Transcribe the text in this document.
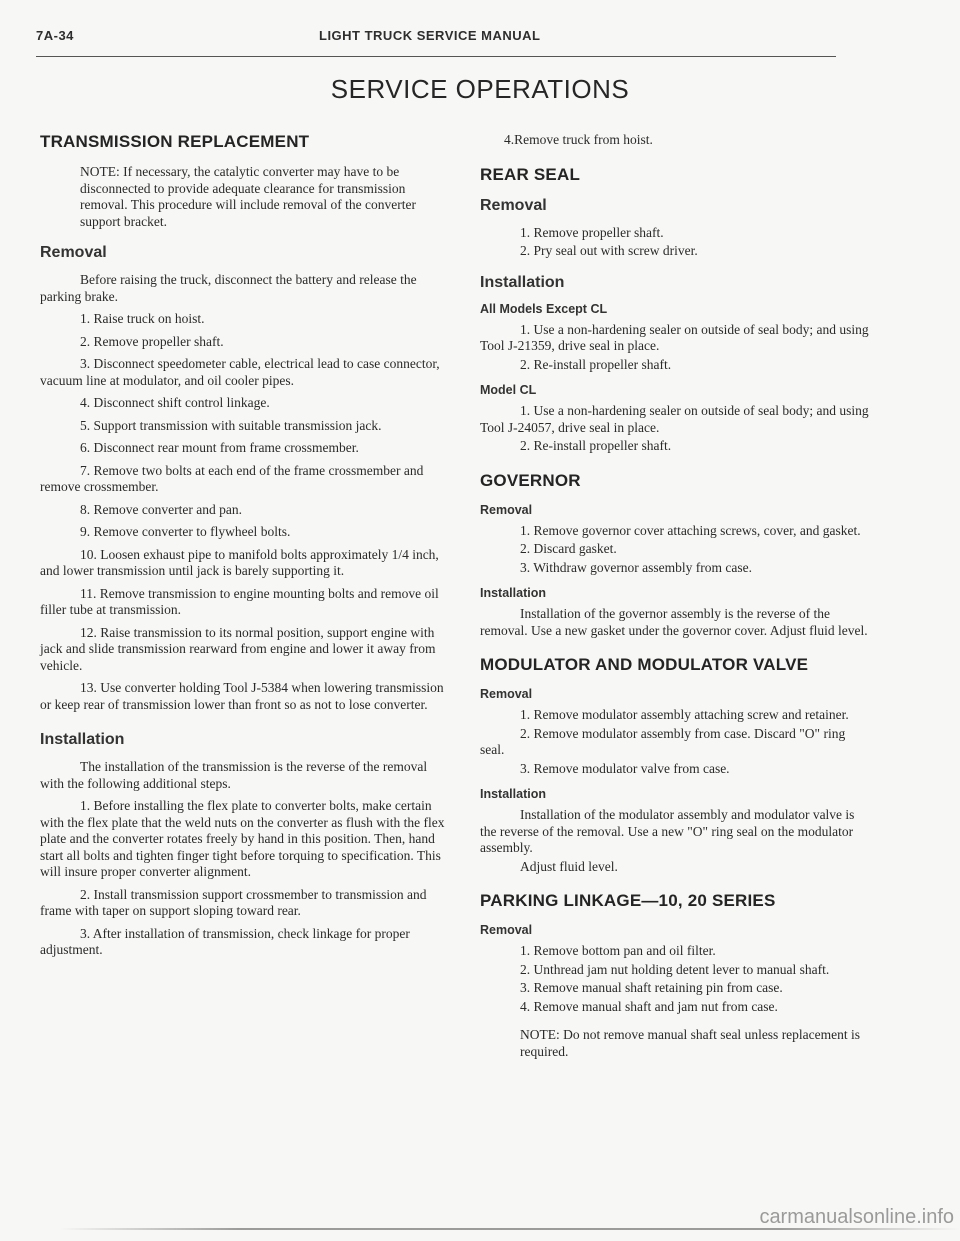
7A-34	LIGHT TRUCK SERVICE MANUAL
SERVICE OPERATIONS
TRANSMISSION REPLACEMENT

NOTE: If necessary, the catalytic converter may have to be disconnected to provide adequate clearance for transmission removal. This procedure will include removal of the converter support bracket.

Removal

Before raising the truck, disconnect the battery and release the parking brake.

1. Raise truck on hoist.

2. Remove propeller shaft.

3. Disconnect speedometer cable, electrical lead to case connector, vacuum line at modulator, and oil cooler pipes.

4. Disconnect shift control linkage.

5. Support transmission with suitable transmission jack.

6. Disconnect rear mount from frame crossmember.

7. Remove two bolts at each end of the frame crossmember and remove crossmember.

8. Remove converter and pan.

9. Remove converter to flywheel bolts.

10. Loosen exhaust pipe to manifold bolts approximately 1/4 inch, and lower transmission until jack is barely supporting it.

11. Remove transmission to engine mounting bolts and remove oil filler tube at transmission.

12. Raise transmission to its normal position, support engine with jack and slide transmission rearward from engine and lower it away from vehicle.

13. Use converter holding Tool J-5384 when lowering transmission or keep rear of transmission lower than front so as not to lose converter.

Installation

The installation of the transmission is the reverse of the removal with the following additional steps.

1. Before installing the flex plate to converter bolts, make certain with the flex plate that the weld nuts on the converter as flush with the flex plate and the converter rotates freely by hand in this position. Then, hand start all bolts and tighten finger tight before torquing to specification. This will insure proper converter alignment.

2. Install transmission support crossmember to transmission and frame with taper on support sloping toward rear.

3. After installation of transmission, check linkage for proper adjustment.

4.Remove truck from hoist.

REAR SEAL
Removal

1. Remove propeller shaft.

2. Pry seal out with screw driver.

Installation
All Models Except CL

1. Use a non-hardening sealer on outside of seal body; and using Tool J-21359, drive seal in place.

2. Re-install propeller shaft.

Model CL

1. Use a non-hardening sealer on outside of seal body; and using Tool J-24057, drive seal in place.

2. Re-install propeller shaft.

GOVERNOR
Removal

1. Remove governor cover attaching screws, cover, and gasket.

2. Discard gasket.

3. Withdraw governor assembly from case.

Installation

Installation of the governor assembly is the reverse of the removal. Use a new gasket under the governor cover. Adjust fluid level.

MODULATOR AND MODULATOR VALVE
Removal

1. Remove modulator assembly attaching screw and retainer.

2. Remove modulator assembly from case. Discard "O" ring seal.

3. Remove modulator valve from case.

Installation

Installation of the modulator assembly and modulator valve is the reverse of the removal. Use a new "O" ring seal on the modulator assembly.

Adjust fluid level.

PARKING LINKAGE—10, 20 SERIES
Removal

1. Remove bottom pan and oil filter.

2. Unthread jam nut holding detent lever to manual shaft.

3. Remove manual shaft retaining pin from case.

4. Remove manual shaft and jam nut from case.

NOTE: Do not remove manual shaft seal unless replacement is required.

carmanualsonline.info
